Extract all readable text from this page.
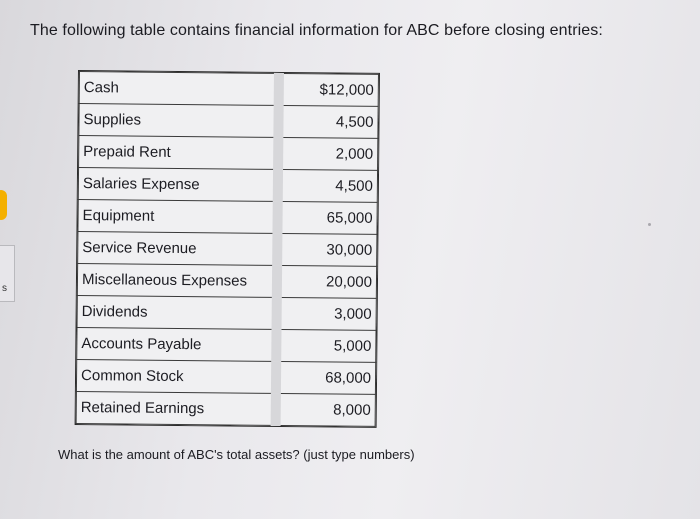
s
The following table contains financial information for ABC before closing entries:
Cash	$12,000
Supplies	4,500
Prepaid Rent	2,000
Salaries Expense	4,500
Equipment	65,000
Service Revenue	30,000
Miscellaneous Expenses	20,000
Dividends	3,000
Accounts Payable	5,000
Common Stock	68,000
Retained Earnings	8,000
What is the amount of ABC's total assets? (just type numbers)
